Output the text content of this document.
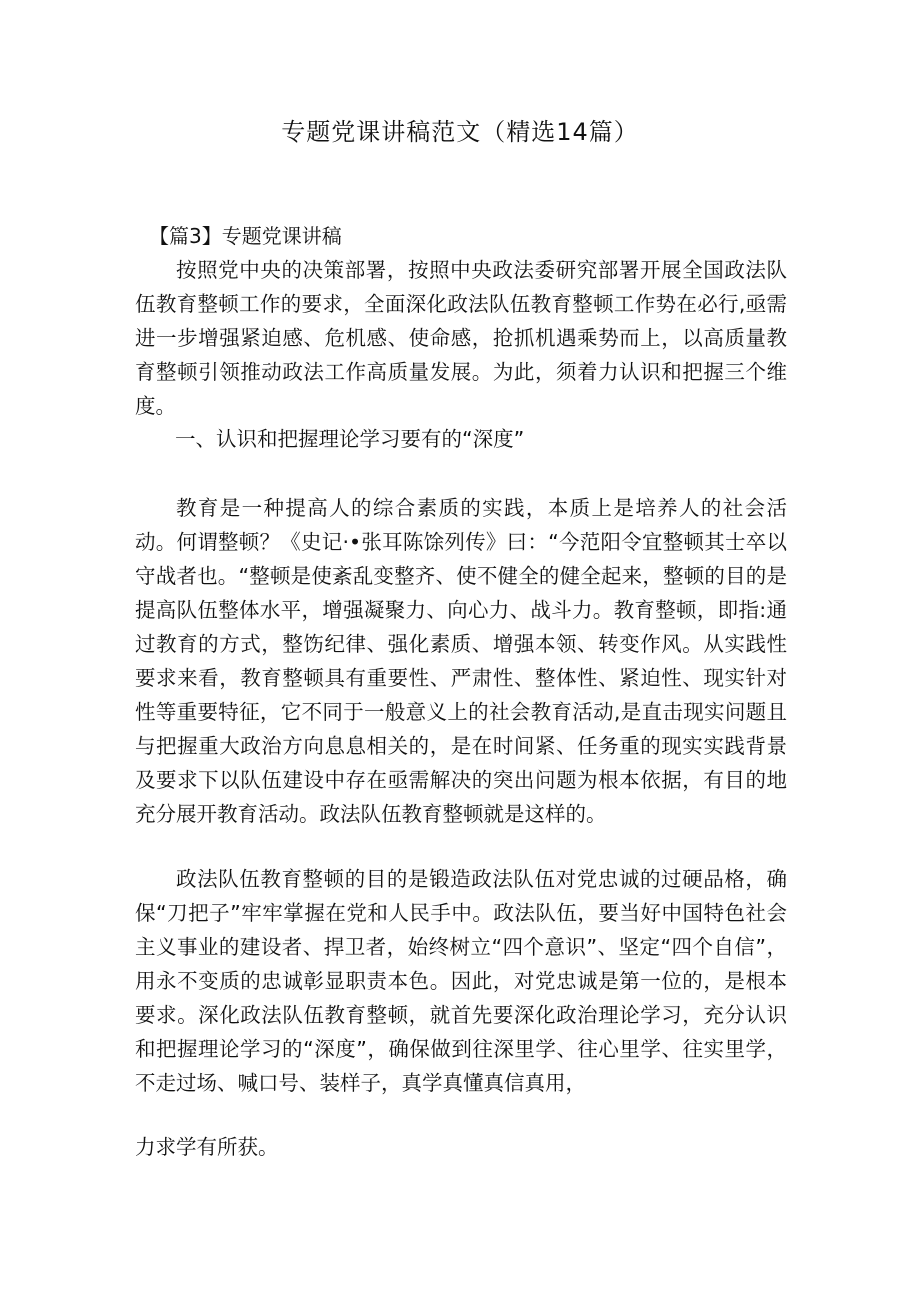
专题党课讲稿范文（精选14篇）
【篇3】专题党课讲稿

按照党中央的决策部署，按照中央政法委研究部署开展全国政法队伍教育整顿工作的要求，全面深化政法队伍教育整顿工作势在必行,亟需进一步增强紧迫感、危机感、使命感，抢抓机遇乘势而上，以高质量教育整顿引领推动政法工作高质量发展。为此，须着力认识和把握三个维度。

一、认识和把握理论学习要有的“深度”

教育是一种提高人的综合素质的实践，本质上是培养人的社会活动。何谓整顿？《史记·•张耳陈馀列传》曰：“今范阳令宜整顿其士卒以守战者也。“整顿是使紊乱变整齐、使不健全的健全起来，整顿的目的是提高队伍整体水平，增强凝聚力、向心力、战斗力。教育整顿，即指:通过教育的方式，整饬纪律、强化素质、增强本领、转变作风。从实践性要求来看，教育整顿具有重要性、严肃性、整体性、紧迫性、现实针对性等重要特征，它不同于一般意义上的社会教育活动,是直击现实问题且与把握重大政治方向息息相关的，是在时间紧、任务重的现实实践背景及要求下以队伍建设中存在亟需解决的突出问题为根本依据，有目的地充分展开教育活动。政法队伍教育整顿就是这样的。

政法队伍教育整顿的目的是锻造政法队伍对党忠诚的过硬品格，确保“刀把子”牢牢掌握在党和人民手中。政法队伍，要当好中国特色社会主义事业的建设者、捍卫者，始终树立“四个意识”、坚定“四个自信”，用永不变质的忠诚彰显职责本色。因此，对党忠诚是第一位的，是根本要求。深化政法队伍教育整顿，就首先要深化政治理论学习，充分认识和把握理论学习的“深度”，确保做到往深里学、往心里学、往实里学，不走过场、喊口号、装样子，真学真懂真信真用，

力求学有所获。
